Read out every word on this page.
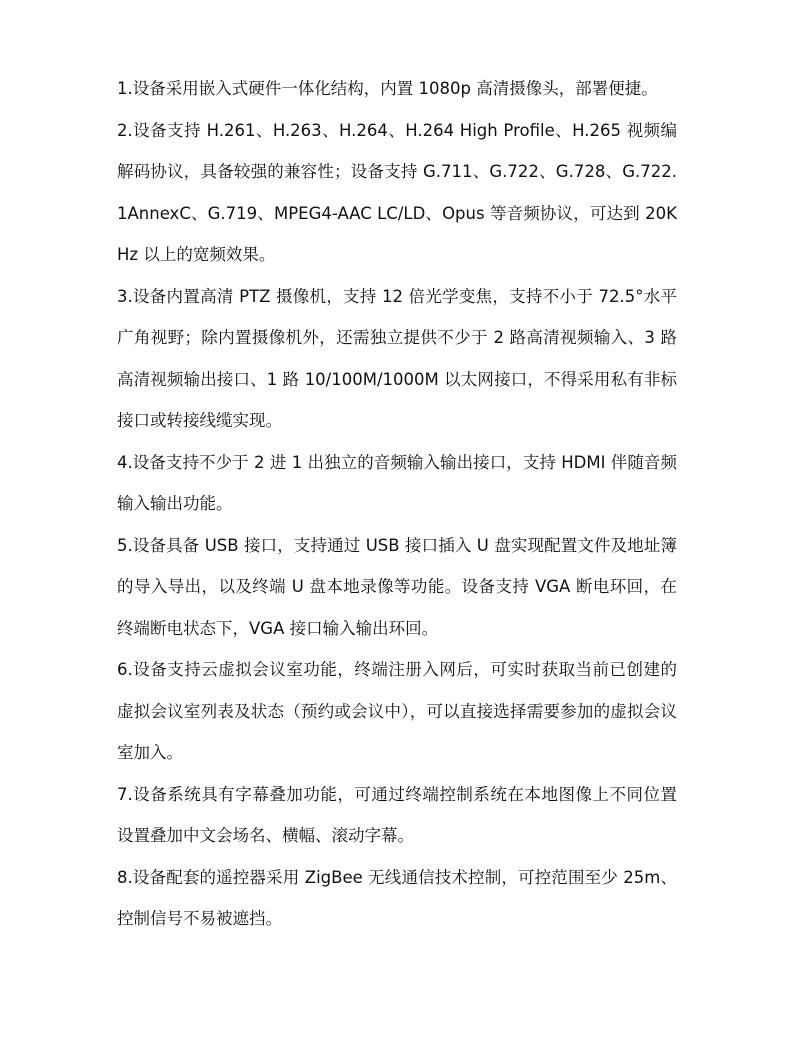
1.设备采用嵌入式硬件一体化结构，内置 1080p 高清摄像头，部署便捷。

2.设备支持 H.261、H.263、H.264、H.264 High Profile、H.265 视频编解码协议，具备较强的兼容性；设备支持 G.711、G.722、G.728、G.722.1AnnexC、G.719、MPEG4-AAC LC/LD、Opus 等音频协议，可达到 20KHz 以上的宽频效果。

3.设备内置高清 PTZ 摄像机，支持 12 倍光学变焦，支持不小于 72.5°水平广角视野；除内置摄像机外，还需独立提供不少于 2 路高清视频输入、3 路高清视频输出接口、1 路 10/100M/1000M 以太网接口，不得采用私有非标接口或转接线缆实现。

4.设备支持不少于 2 进 1 出独立的音频输入输出接口，支持 HDMI 伴随音频输入输出功能。

5.设备具备 USB 接口，支持通过 USB 接口插入 U 盘实现配置文件及地址簿的导入导出，以及终端 U 盘本地录像等功能。设备支持 VGA 断电环回，在终端断电状态下，VGA 接口输入输出环回。

6.设备支持云虚拟会议室功能，终端注册入网后，可实时获取当前已创建的虚拟会议室列表及状态（预约或会议中），可以直接选择需要参加的虚拟会议室加入。

7.设备系统具有字幕叠加功能，可通过终端控制系统在本地图像上不同位置设置叠加中文会场名、横幅、滚动字幕。

8.设备配套的遥控器采用 ZigBee 无线通信技术控制，可控范围至少 25m、控制信号不易被遮挡。
